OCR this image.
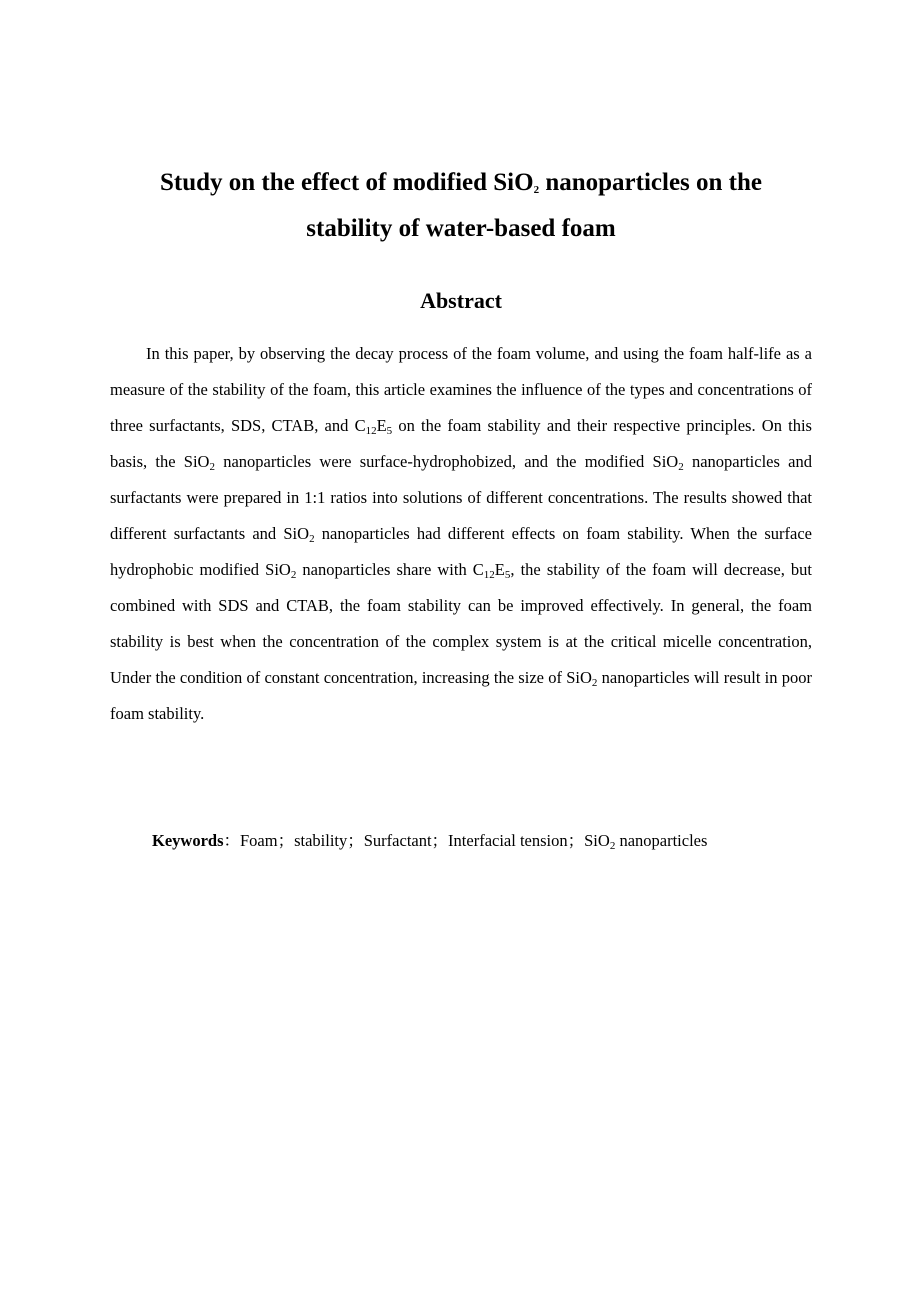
Study on the effect of modified SiO$_2$ nanoparticles on the
stability of water-based foam
Abstract

In this paper, by observing the decay process of the foam volume, and using the foam half-life as a measure of the stability of the foam, this article examines the influence of the types and concentrations of three surfactants, SDS, CTAB, and $C_{12}E_5$ on the foam stability and their respective principles. On this basis, the SiO$_2$ nanoparticles were surface-hydrophobized, and the modified SiO$_2$ nanoparticles and surfactants were prepared in 1:1 ratios into solutions of different concentrations. The results showed that different surfactants and SiO$_2$ nanoparticles had different effects on foam stability. When the surface hydrophobic modified SiO$_2$ nanoparticles share with $C_{12}E_5$, the stability of the foam will decrease, but combined with SDS and CTAB, the foam stability can be improved effectively. In general, the foam stability is best when the concentration of the complex system is at the critical micelle concentration, Under the condition of constant concentration, increasing the size of SiO$_2$ nanoparticles will result in poor foam stability.

Keywords：Foam；stability；Surfactant；Interfacial tension；SiO$_2$ nanoparticles
